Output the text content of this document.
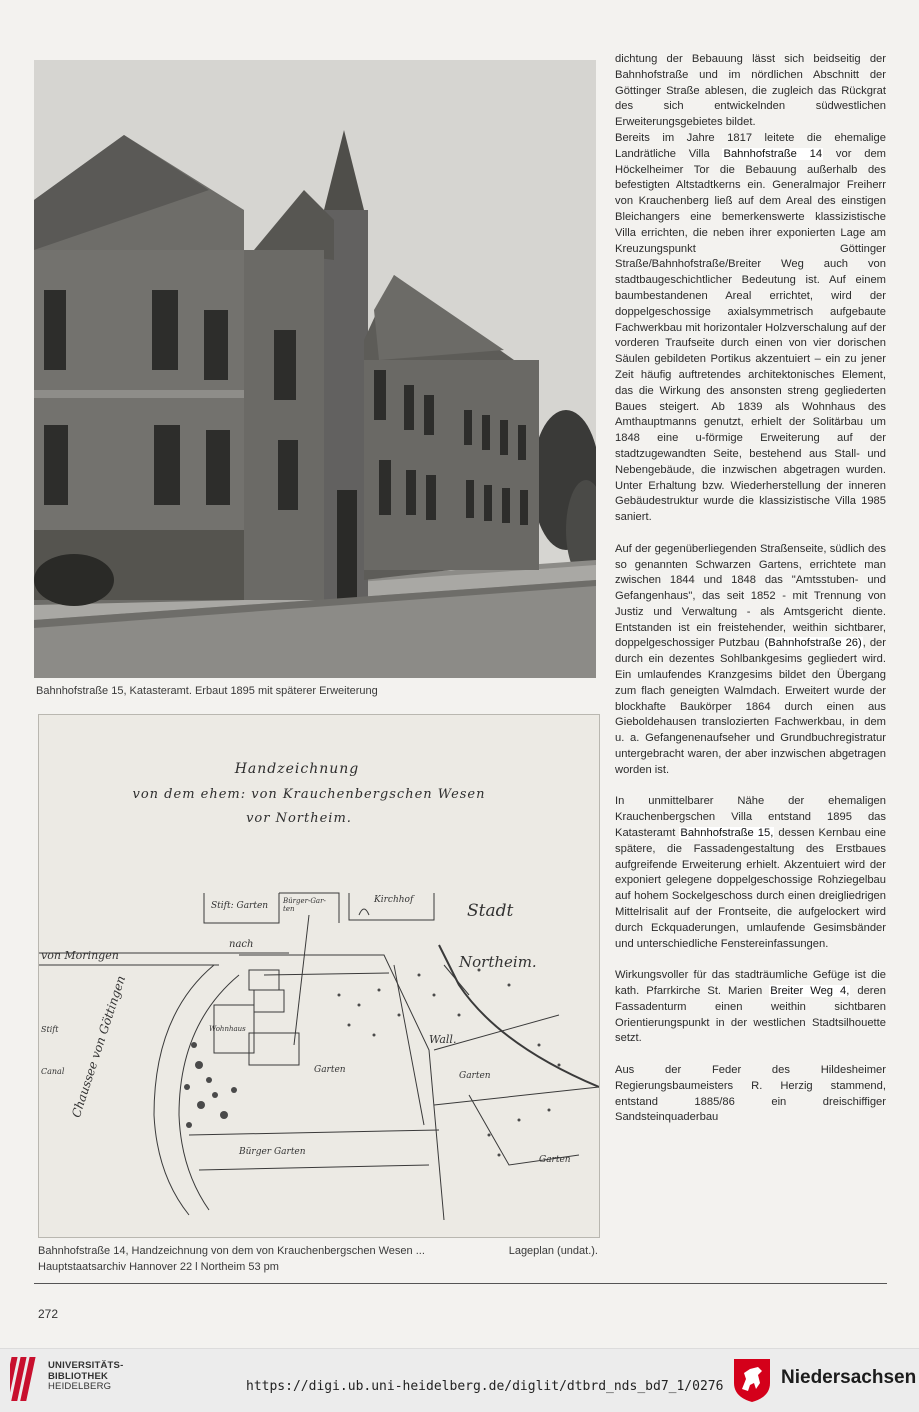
Bahnhofstraße 15, Katasteramt. Erbaut 1895 mit späterer Erweiterung
Handzeichnung
von dem ehem: von Krauchenbergschen Wesen
vor Northeim.
Stift: Garten Bürger-Gar- ten
Kirchhof
Stadt
Northeim.
von Moringen
nach
Chaussee von Göttingen	Wall.
Garten
Garten
Garten
Bürger Garten
Stift
Canal
Wohnhaus
Bahnhofstraße 14, Handzeichnung von dem von Krauchenbergschen Wesen ...	Lageplan (undat.).
Hauptstaatsarchiv Hannover 22 l Northeim 53 pm

dichtung der Bebauung lässt sich beidseitig der Bahnhofstraße und im nördlichen Abschnitt der Göttinger Straße ablesen, die zugleich das Rückgrat des sich entwickelnden südwestlichen Erweiterungsgebietes bildet.

Bereits im Jahre 1817 leitete die ehemalige Landrätliche Villa Bahnhofstraße 14 vor dem Höckelheimer Tor die Bebauung außerhalb des befestigten Altstadtkerns ein. Generalmajor Freiherr von Krauchenberg ließ auf dem Areal des einstigen Bleichangers eine bemerkenswerte klassizistische Villa errichten, die neben ihrer exponierten Lage am Kreuzungspunkt Göttinger Straße/Bahnhofstraße/Breiter Weg auch von stadtbaugeschichtlicher Bedeutung ist. Auf einem baumbestandenen Areal errichtet, wird der doppelgeschossige axialsymmetrisch aufgebaute Fachwerkbau mit horizontaler Holzverschalung auf der vorderen Traufseite durch einen von vier dorischen Säulen gebildeten Portikus akzentuiert – ein zu jener Zeit häufig auftretendes architektonisches Element, das die Wirkung des ansonsten streng gegliederten Baues steigert. Ab 1839 als Wohnhaus des Amthauptmanns genutzt, erhielt der Solitärbau um 1848 eine u-förmige Erweiterung auf der stadtzugewandten Seite, bestehend aus Stall- und Nebengebäude, die inzwischen abgetragen wurden. Unter Erhaltung bzw. Wiederherstellung der inneren Gebäudestruktur wurde die klassizistische Villa 1985 saniert.

Auf der gegenüberliegenden Straßenseite, südlich des so genannten Schwarzen Gartens, errichtete man zwischen 1844 und 1848 das "Amtsstuben- und Gefangenhaus", das seit 1852 - mit Trennung von Justiz und Verwaltung - als Amtsgericht diente. Entstanden ist ein freistehender, weithin sichtbarer, doppelgeschossiger Putzbau (Bahnhofstraße 26), der durch ein dezentes Sohlbankgesims gegliedert wird. Ein umlaufendes Kranzgesims bildet den Übergang zum flach geneigten Walmdach. Erweitert wurde der blockhafte Baukörper 1864 durch einen aus Gieboldehausen translozierten Fachwerkbau, in dem u. a. Gefangenenaufseher und Grundbuchregistratur untergebracht waren, der aber inzwischen abgetragen worden ist.

In unmittelbarer Nähe der ehemaligen Krauchenbergschen Villa entstand 1895 das Katasteramt Bahnhofstraße 15, dessen Kernbau eine spätere, die Fassadengestaltung des Erstbaues aufgreifende Erweiterung erhielt. Akzentuiert wird der exponiert gelegene doppelgeschossige Rohziegelbau auf hohem Sockelgeschoss durch einen dreigliedrigen Mittelrisalit auf der Frontseite, die aufgelockert wird durch Eckquaderungen, umlaufende Gesimsbänder und unterschiedliche Fenstereinfassungen.

Wirkungsvoller für das stadträumliche Gefüge ist die kath. Pfarrkirche St. Marien Breiter Weg 4, deren Fassadenturm einen weithin sichtbaren Orientierungspunkt in der westlichen Stadtsilhouette setzt.

Aus der Feder des Hildesheimer Regierungsbaumeisters R. Herzig stammend, entstand 1885/86 ein dreischiffiger Sandsteinquaderbau

272
UNIVERSITÄTS-
BIBLIOTHEK
HEIDELBERG	https://digi.ub.uni-heidelberg.de/diglit/dtbrd_nds_bd7_1/0276	Niedersachsen
